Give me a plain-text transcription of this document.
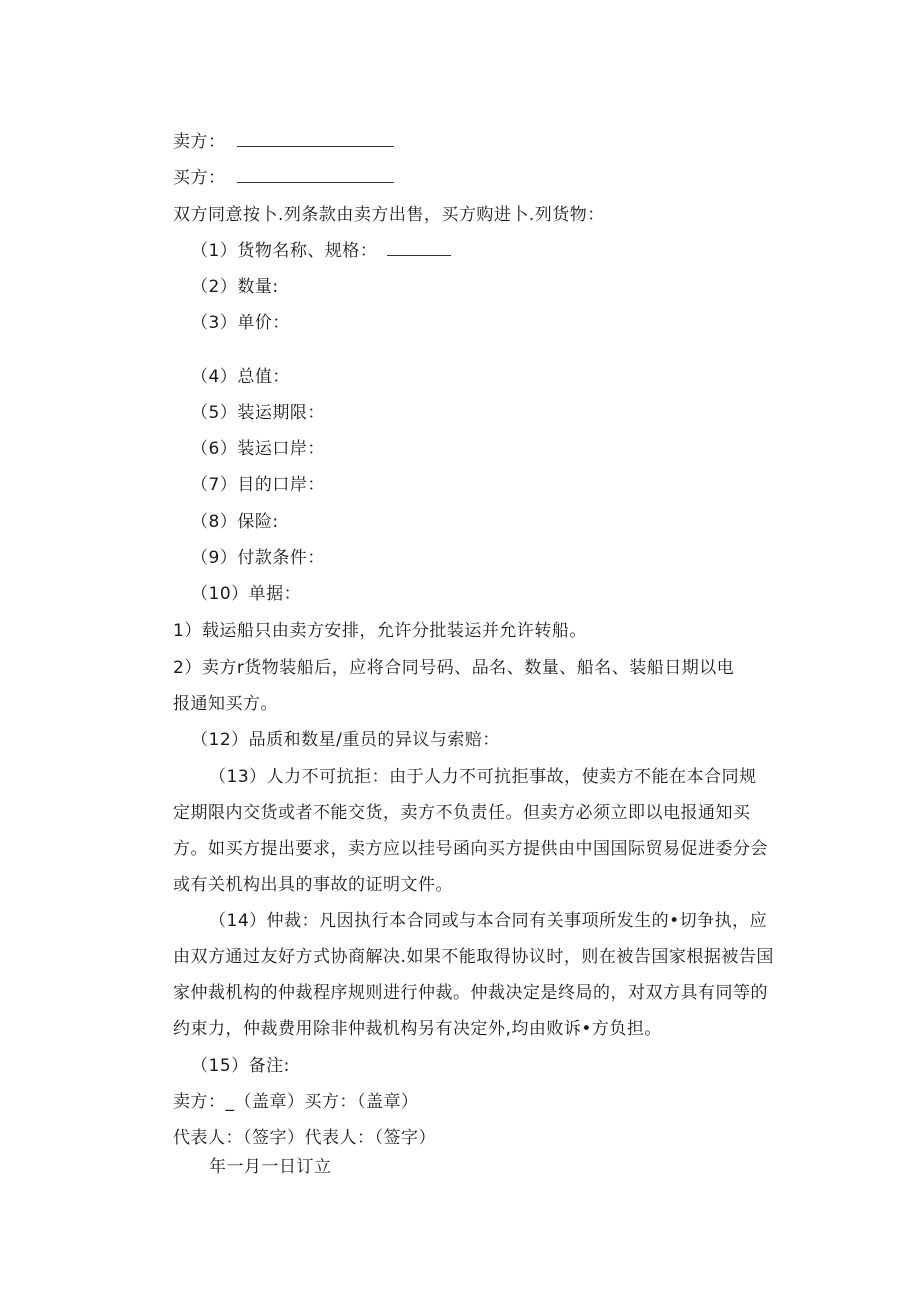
卖方：
买方：
双方同意按卜.列条款由卖方出售，买方购进卜.列货物：
（1）货物名称、规格：
（2）数量:
（3）单价：
（4）总值：
（5）装运期限：
（6）装运口岸：
（7）目的口岸：
（8）保险:
（9）付款条件：
（10）单据：
1）载运船只由卖方安排，允许分批装运并允许转船。
2）卖方r货物装船后，应将合同号码、品名、数量、船名、装船日期以电
报通知买方。
（12）品质和数星/重员的异议与索赔：
（13）人力不可抗拒：由于人力不可抗拒事故，使卖方不能在本合同规
定期限内交货或者不能交货，卖方不负责任。但卖方必须立即以电报通知买
方。如买方提出要求，卖方应以挂号函向买方提供由中国国际贸易促进委分会
或有关机构出具的事故的证明文件。
（14）仲裁：凡因执行本合同或与本合同有关事项所发生的•切争执，应
由双方通过友好方式协商解决.如果不能取得协议时，则在被告国家根据被告国
家仲裁机构的仲裁程序规则进行仲裁。仲裁决定是终局的，对双方具有同等的
约束力，仲裁费用除非仲裁机构另有决定外,均由败诉•方负担。
（15）备注:
卖方：_（盖章）买方：（盖章）
代表人：（签字）代表人：（签字）
年一月一日订立
